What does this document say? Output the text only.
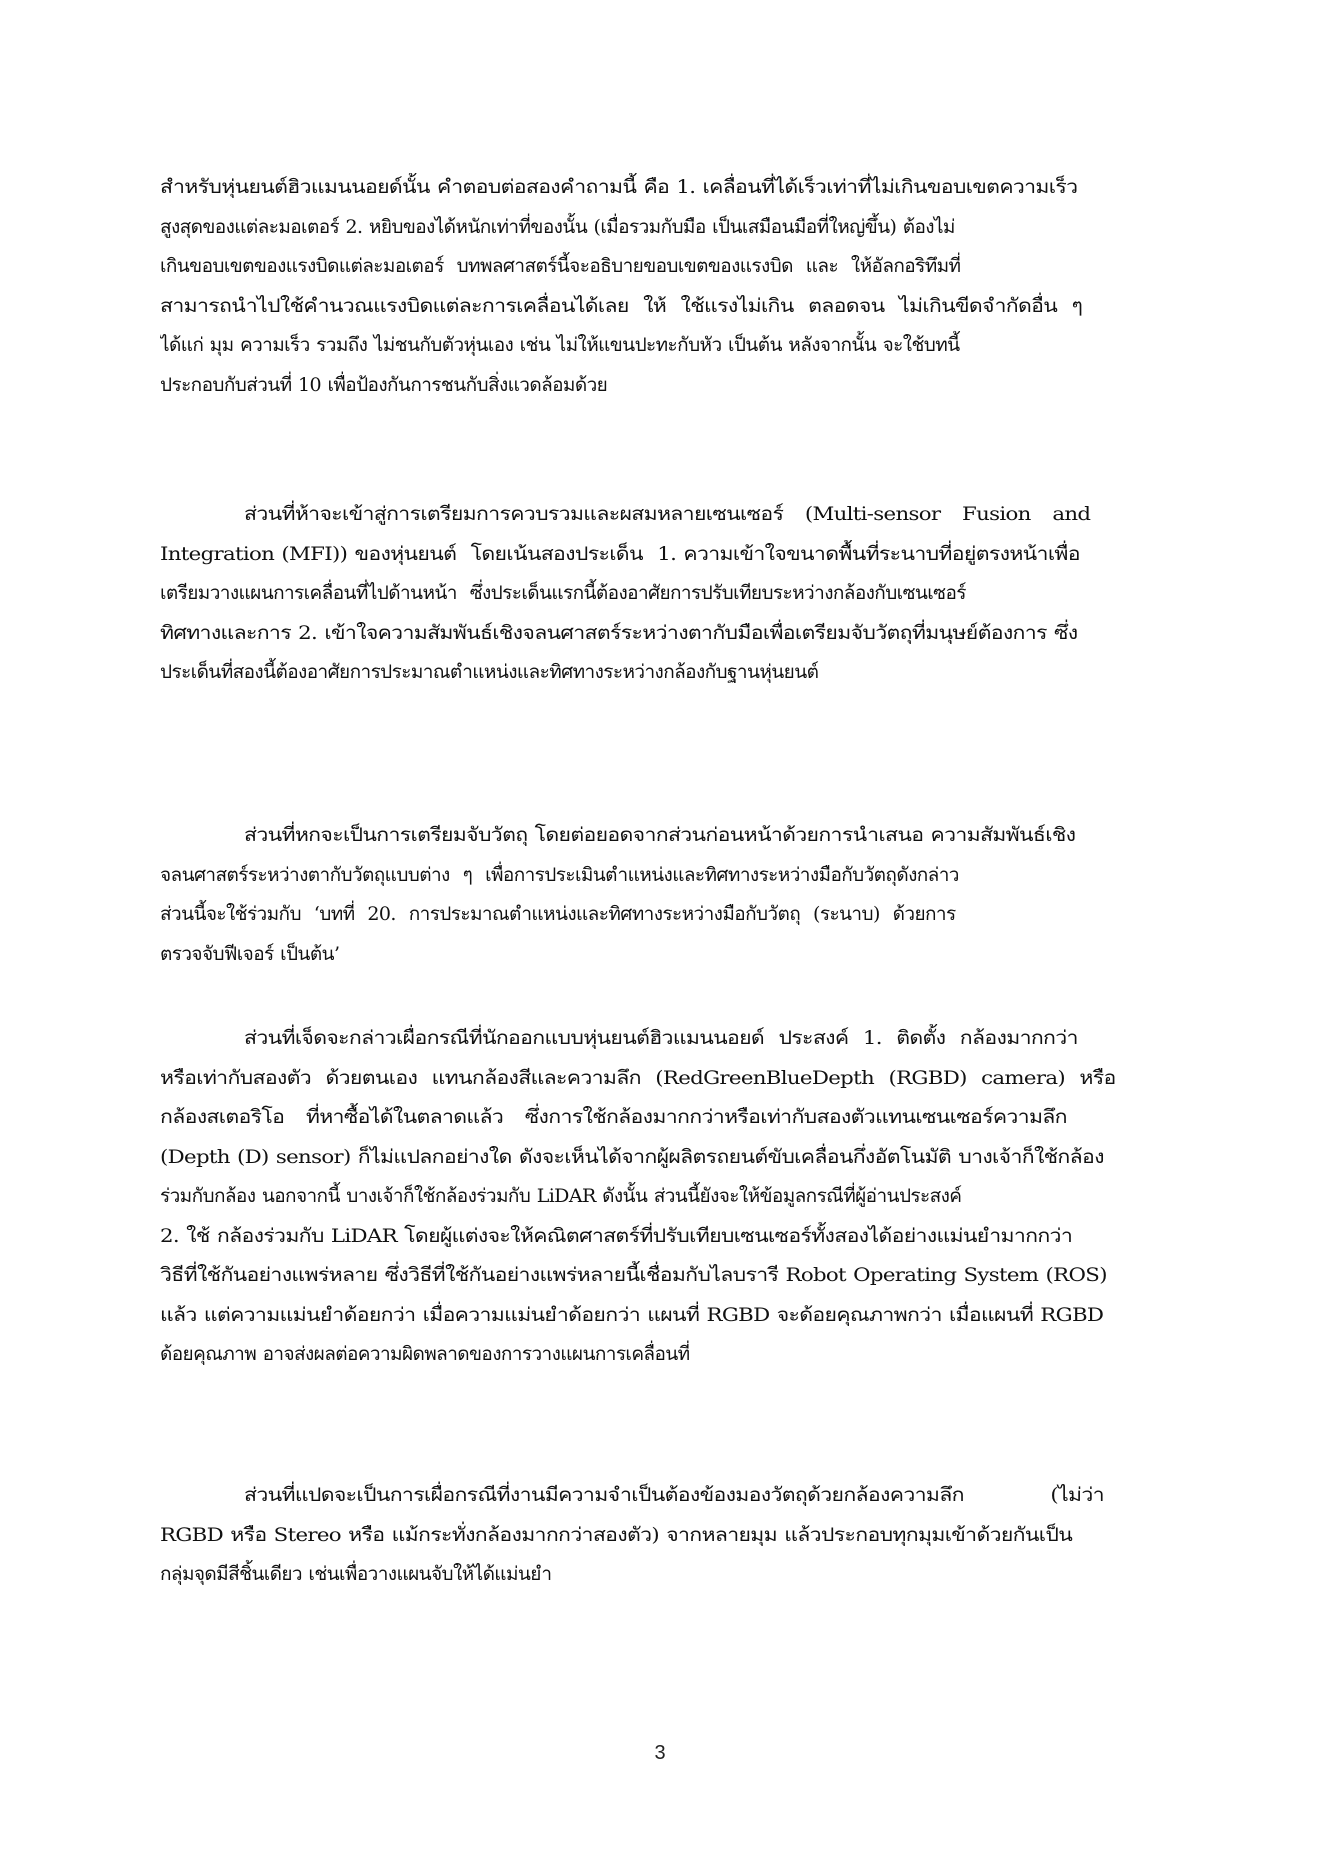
สำหรับหุ่นยนต์ฮิวแมนนอยด์นั้น คำตอบต่อสองคำถามนี้ คือ 1. เคลื่อนที่ได้เร็วเท่าที่ไม่เกินขอบเขตความเร็ว
สูงสุดของแต่ละมอเตอร์ 2. หยิบของได้หนักเท่าที่ของนั้น (เมื่อรวมกับมือ เป็นเสมือนมือที่ใหญ่ขึ้น) ต้องไม่
เกินขอบเขตของแรงบิดแต่ละมอเตอร์  บทพลศาสตร์นี้จะอธิบายขอบเขตของแรงบิด  และ  ให้อัลกอริทึมที่
สามารถนำไปใช้คำนวณแรงบิดแต่ละการเคลื่อนได้เลย  ให้  ใช้แรงไม่เกิน  ตลอดจน  ไม่เกินขีดจำกัดอื่น  ๆ
ได้แก่ มุม ความเร็ว รวมถึง ไม่ชนกับตัวหุ่นเอง เช่น ไม่ให้แขนปะทะกับหัว เป็นต้น หลังจากนั้น จะใช้บทนี้
ประกอบกับส่วนที่ 10 เพื่อป้องกันการชนกับสิ่งแวดล้อมด้วย
ส่วนที่ห้าจะเข้าสู่การเตรียมการควบรวมและผสมหลายเซนเซอร์   (Multi-sensor   Fusion   and
Integration (MFI)) ของหุ่นยนต์  โดยเน้นสองประเด็น  1. ความเข้าใจขนาดพื้นที่ระนาบที่อยู่ตรงหน้าเพื่อ
เตรียมวางแผนการเคลื่อนที่ไปด้านหน้า  ซึ่งประเด็นแรกนี้ต้องอาศัยการปรับเทียบระหว่างกล้องกับเซนเซอร์
ทิศทางและการ 2. เข้าใจความสัมพันธ์เชิงจลนศาสตร์ระหว่างตากับมือเพื่อเตรียมจับวัตถุที่มนุษย์ต้องการ ซึ่ง
ประเด็นที่สองนี้ต้องอาศัยการประมาณตำแหน่งและทิศทางระหว่างกล้องกับฐานหุ่นยนต์
ส่วนที่หกจะเป็นการเตรียมจับวัตถุ โดยต่อยอดจากส่วนก่อนหน้าด้วยการนำเสนอ ความสัมพันธ์เชิง
จลนศาสตร์ระหว่างตากับวัตถุแบบต่าง  ๆ  เพื่อการประเมินตำแหน่งและทิศทางระหว่างมือกับวัตถุดังกล่าว
ส่วนนี้จะใช้ร่วมกับ  ‘บทที่  20.  การประมาณตำแหน่งและทิศทางระหว่างมือกับวัตถุ  (ระนาบ)  ด้วยการ
ตรวจจับฟีเจอร์ เป็นต้น’
ส่วนที่เจ็ดจะกล่าวเผื่อกรณีที่นักออกแบบหุ่นยนต์ฮิวแมนนอยด์  ประสงค์  1.  ติดตั้ง  กล้องมากกว่า
หรือเท่ากับสองตัว  ด้วยตนเอง  แทนกล้องสีและความลึก  (RedGreenBlueDepth  (RGBD)  camera)  หรือ
กล้องสเตอริโอ   ที่หาซื้อได้ในตลาดแล้ว   ซึ่งการใช้กล้องมากกว่าหรือเท่ากับสองตัวแทนเซนเซอร์ความลึก
(Depth (D) sensor) ก็ไม่แปลกอย่างใด ดังจะเห็นได้จากผู้ผลิตรถยนต์ขับเคลื่อนกึ่งอัตโนมัติ บางเจ้าก็ใช้กล้อง
ร่วมกับกล้อง นอกจากนี้ บางเจ้าก็ใช้กล้องร่วมกับ LiDAR ดังนั้น ส่วนนี้ยังจะให้ข้อมูลกรณีที่ผู้อ่านประสงค์
2. ใช้ กล้องร่วมกับ LiDAR โดยผู้แต่งจะให้คณิตศาสตร์ที่ปรับเทียบเซนเซอร์ทั้งสองได้อย่างแม่นยำมากกว่า
วิธีที่ใช้กันอย่างแพร่หลาย ซึ่งวิธีที่ใช้กันอย่างแพร่หลายนี้เชื่อมกับไลบรารี Robot Operating System (ROS)
แล้ว แต่ความแม่นยำด้อยกว่า เมื่อความแม่นยำด้อยกว่า แผนที่ RGBD จะด้อยคุณภาพกว่า เมื่อแผนที่ RGBD
ด้อยคุณภาพ อาจส่งผลต่อความผิดพลาดของการวางแผนการเคลื่อนที่
ส่วนที่แปดจะเป็นการเผื่อกรณีที่งานมีความจำเป็นต้องข้องมองวัตถุด้วยกล้องความลึก            (ไม่ว่า
RGBD หรือ Stereo หรือ แม้กระทั่งกล้องมากกว่าสองตัว) จากหลายมุม แล้วประกอบทุกมุมเข้าด้วยกันเป็น
กลุ่มจุดมีสีชิ้นเดียว เช่นเพื่อวางแผนจับให้ได้แม่นยำ
3
